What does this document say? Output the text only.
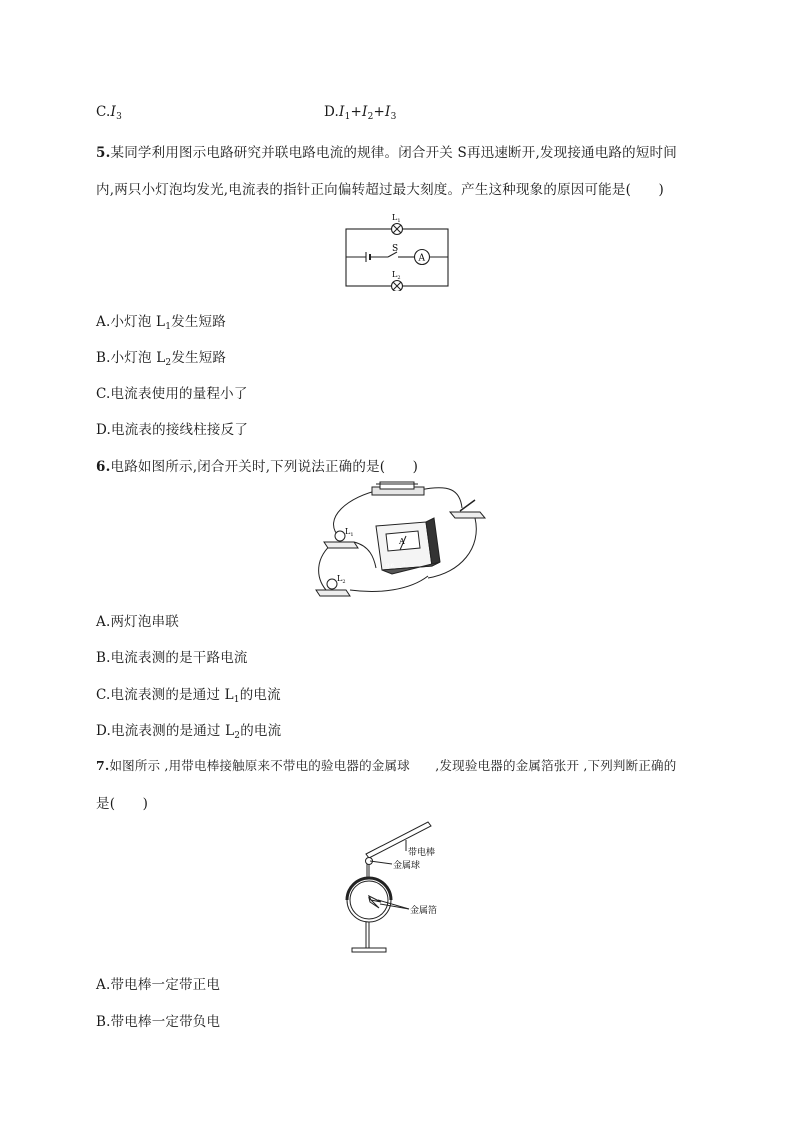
$C.I_3$	$D.I_1+I_2+I_3$
5.某同学利用图示电路研究并联电路电流的规律。闭合开关 S再迅速断开,发现接通电路的短时间
内,两只小灯泡均发光,电流表的指针正向偏转超过最大刻度。产生这种现象的原因可能是(　　)
$L_1$
$L_2$
S
A
A.小灯泡 $L_1$发生短路
B.小灯泡 $L_2$发生短路
C.电流表使用的量程小了
D.电流表的接线柱接反了
6.电路如图所示,闭合开关时,下列说法正确的是(　　)
$L_1$
$L_2$
A
0.6 3
A.两灯泡串联
B.电流表测的是干路电流
C.电流表测的是通过 $L_1$的电流
D.电流表测的是通过 $L_2$的电流
7.如图所示 ,用带电棒接触原来不带电的验电器的金属球　　,发现验电器的金属箔张开 ,下列判断正确的
是(　　)
带电棒
金属球
金属箔
A.带电棒一定带正电
B.带电棒一定带负电
